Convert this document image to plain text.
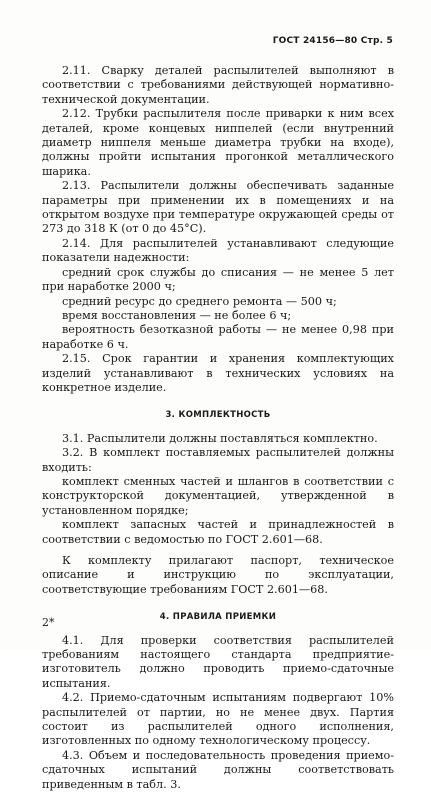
ГОСТ 24156—80 Стр. 5

2.11. Сварку деталей распылителей выполняют в соответствии с требованиями действующей нормативно-технической документации.

2.12. Трубки распылителя после приварки к ним всех деталей, кроме концевых ниппелей (если внутренний диаметр ниппеля меньше диаметра трубки на входе), должны пройти испытания прогонкой металлического шарика.

2.13. Распылители должны обеспечивать заданные параметры при применении их в помещениях и на открытом воздухе при температуре окружающей среды от 273 до 318 К (от 0 до 45°С).

2.14. Для распылителей устанавливают следующие показатели надежности:

средний срок службы до списания — не менее 5 лет при наработке 2000 ч;

средний ресурс до среднего ремонта — 500 ч;

время восстановления — не более 6 ч;

вероятность безотказной работы — не менее 0,98 при наработке 6 ч.

2.15. Срок гарантии и хранения комплектующих изделий устанавливают в технических условиях на конкретное изделие.

3. КОМПЛЕКТНОСТЬ

3.1. Распылители должны поставляться комплектно.

3.2. В комплект поставляемых распылителей должны входить:

комплект сменных частей и шлангов в соответствии с конструкторской документацией, утвержденной в установленном порядке;

комплект запасных частей и принадлежностей в соответствии с ведомостью по ГОСТ 2.601—68.

К комплекту прилагают паспорт, техническое описание и инструкцию по эксплуатации, соответствующие требованиям ГОСТ 2.601—68.

4. ПРАВИЛА ПРИЕМКИ

4.1. Для проверки соответствия распылителей требованиям настоящего стандарта предприятие-изготовитель должно проводить приемо-сдаточные испытания.

4.2. Приемо-сдаточным испытаниям подвергают 10% распылителей от партии, но не менее двух. Партия состоит из распылителей одного исполнения, изготовленных по одному технологическому процессу.

4.3. Объем и последовательность проведения приемо-сдаточных испытаний должны соответствовать приведенным в табл. 3.

2*
